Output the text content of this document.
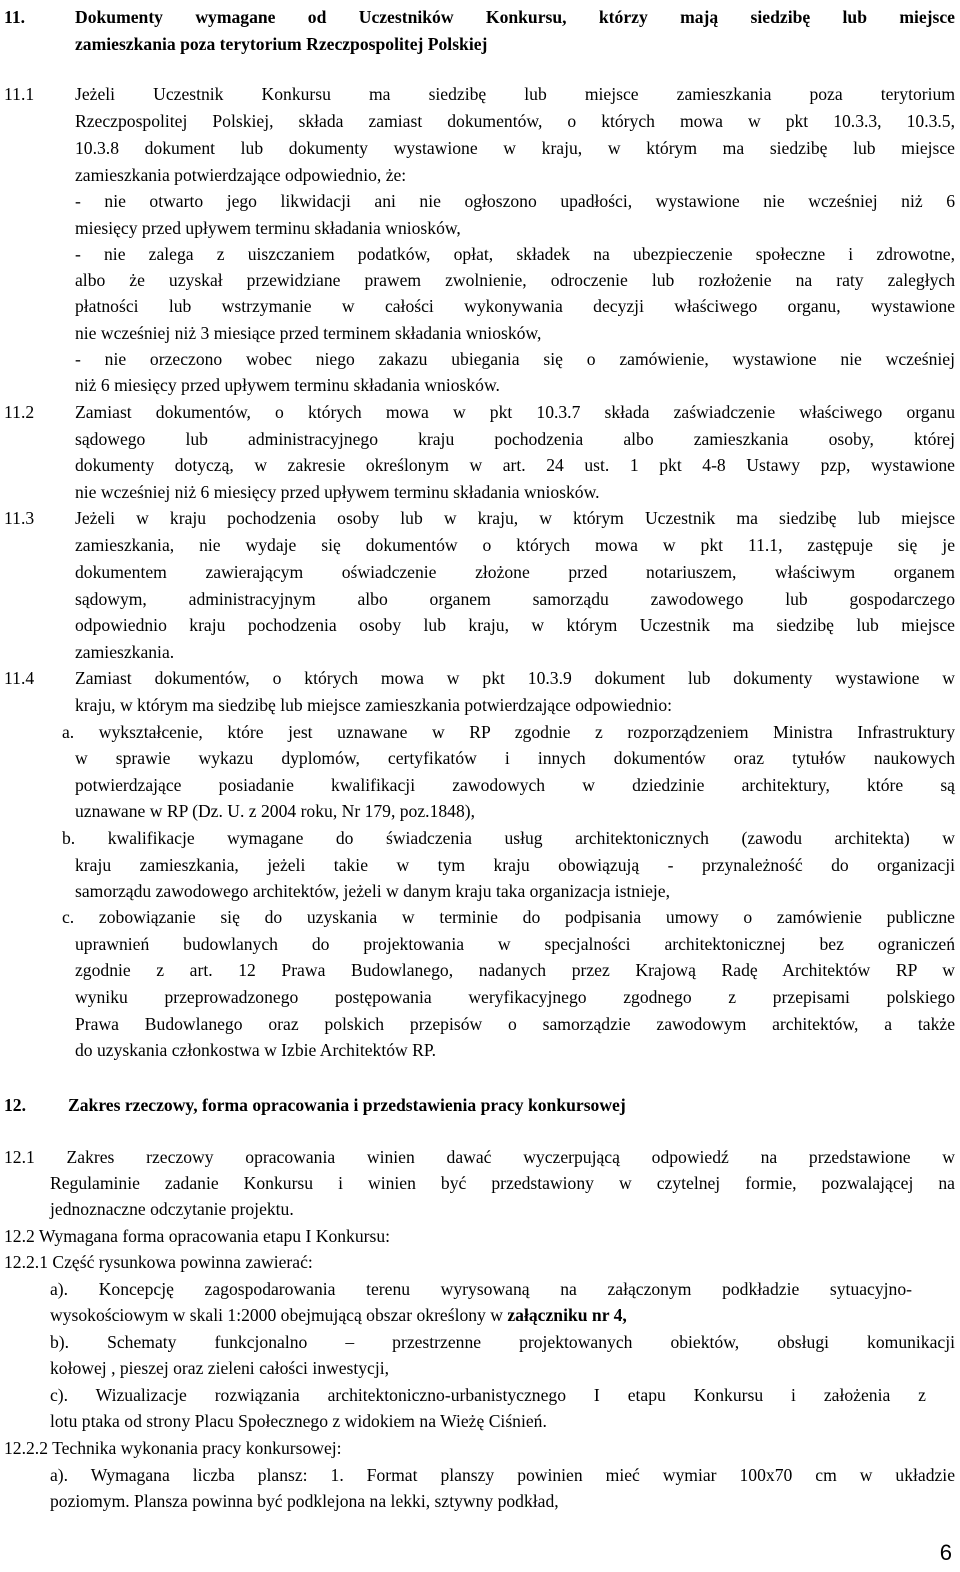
11.	Dokumenty wymagane od Uczestników Konkursu, którzy mają siedzibę lub miejsce
zamieszkania poza terytorium Rzeczpospolitej Polskiej
11.1 Jeżeli Uczestnik Konkursu ma siedzibę lub miejsce zamieszkania poza terytorium
Rzeczpospolitej Polskiej, składa zamiast dokumentów, o których mowa w pkt 10.3.3, 10.3.5,
10.3.8 dokument lub dokumenty wystawione w kraju, w którym ma siedzibę lub miejsce
zamieszkania potwierdzające odpowiednio, że:
- nie otwarto jego likwidacji ani nie ogłoszono upadłości, wystawione nie wcześniej niż 6
miesięcy przed upływem terminu składania wniosków,
- nie zalega z uiszczaniem podatków, opłat, składek na ubezpieczenie społeczne i zdrowotne,
albo że uzyskał przewidziane prawem zwolnienie, odroczenie lub rozłożenie na raty zaległych
płatności lub wstrzymanie w całości wykonywania decyzji właściwego organu, wystawione
nie wcześniej niż 3 miesiące przed terminem składania wniosków,
- nie orzeczono wobec niego zakazu ubiegania się o zamówienie, wystawione nie wcześniej
niż 6 miesięcy przed upływem terminu składania wniosków.
11.2 Zamiast dokumentów, o których mowa w pkt 10.3.7 składa zaświadczenie właściwego organu
sądowego lub administracyjnego kraju pochodzenia albo zamieszkania osoby, której
dokumenty dotyczą, w zakresie określonym w art. 24 ust. 1 pkt 4-8 Ustawy pzp, wystawione
nie wcześniej niż 6 miesięcy przed upływem terminu składania wniosków.
11.3 Jeżeli w kraju pochodzenia osoby lub w kraju, w którym Uczestnik ma siedzibę lub miejsce
zamieszkania, nie wydaje się dokumentów o których mowa w pkt 11.1, zastępuje się je
dokumentem zawierającym oświadczenie złożone przed notariuszem, właściwym organem
sądowym, administracyjnym albo organem samorządu zawodowego lub gospodarczego
odpowiednio kraju pochodzenia osoby lub kraju, w którym Uczestnik ma siedzibę lub miejsce
zamieszkania.
11.4 Zamiast dokumentów, o których mowa w pkt 10.3.9 dokument lub dokumenty wystawione w
kraju, w którym ma siedzibę lub miejsce zamieszkania potwierdzające odpowiednio:
a. wykształcenie, które jest uznawane w RP zgodnie z rozporządzeniem Ministra Infrastruktury
w sprawie wykazu dyplomów, certyfikatów i innych dokumentów oraz tytułów naukowych
potwierdzające posiadanie kwalifikacji zawodowych w dziedzinie architektury, które są
uznawane w RP (Dz. U. z 2004 roku, Nr 179, poz.1848),
b. kwalifikacje wymagane do świadczenia usług architektonicznych (zawodu architekta) w
kraju zamieszkania, jeżeli takie w tym kraju obowiązują - przynależność do organizacji
samorządu zawodowego architektów, jeżeli w danym kraju taka organizacja istnieje,
c. zobowiązanie się do uzyskania w terminie do podpisania umowy o zamówienie publiczne
uprawnień budowlanych do projektowania w specjalności architektonicznej bez ograniczeń
zgodnie z art. 12 Prawa Budowlanego, nadanych przez Krajową Radę Architektów RP w
wyniku przeprowadzonego postępowania weryfikacyjnego zgodnego z przepisami polskiego
Prawa Budowlanego oraz polskich przepisów o samorządzie zawodowym architektów, a także
do uzyskania członkostwa w Izbie Architektów RP.
12. Zakres rzeczowy, forma opracowania i przedstawienia pracy konkursowej
12.1 Zakres rzeczowy opracowania winien dawać wyczerpującą odpowiedź na przedstawione w
Regulaminie zadanie Konkursu i winien być przedstawiony w czytelnej formie, pozwalającej na
jednoznaczne odczytanie projektu.
12.2 Wymagana forma opracowania etapu I Konkursu:
12.2.1 Część rysunkowa powinna zawierać:
a). Koncepcję zagospodarowania terenu wyrysowaną na załączonym podkładzie sytuacyjno-
wysokościowym w skali 1:2000 obejmującą obszar określony w załączniku nr 4,
b). Schematy funkcjonalno – przestrzenne projektowanych obiektów, obsługi komunikacji
kołowej , pieszej oraz zieleni całości inwestycji,
c). Wizualizacje rozwiązania architektoniczno-urbanistycznego I etapu Konkursu i założenia z
lotu ptaka od strony Placu Społecznego z widokiem na Wieżę Ciśnień.
12.2.2 Technika wykonania pracy konkursowej:
a). Wymagana liczba plansz: 1. Format planszy powinien mieć wymiar 100x70 cm w układzie
poziomym. Plansza powinna być podklejona na lekki, sztywny podkład,
6
